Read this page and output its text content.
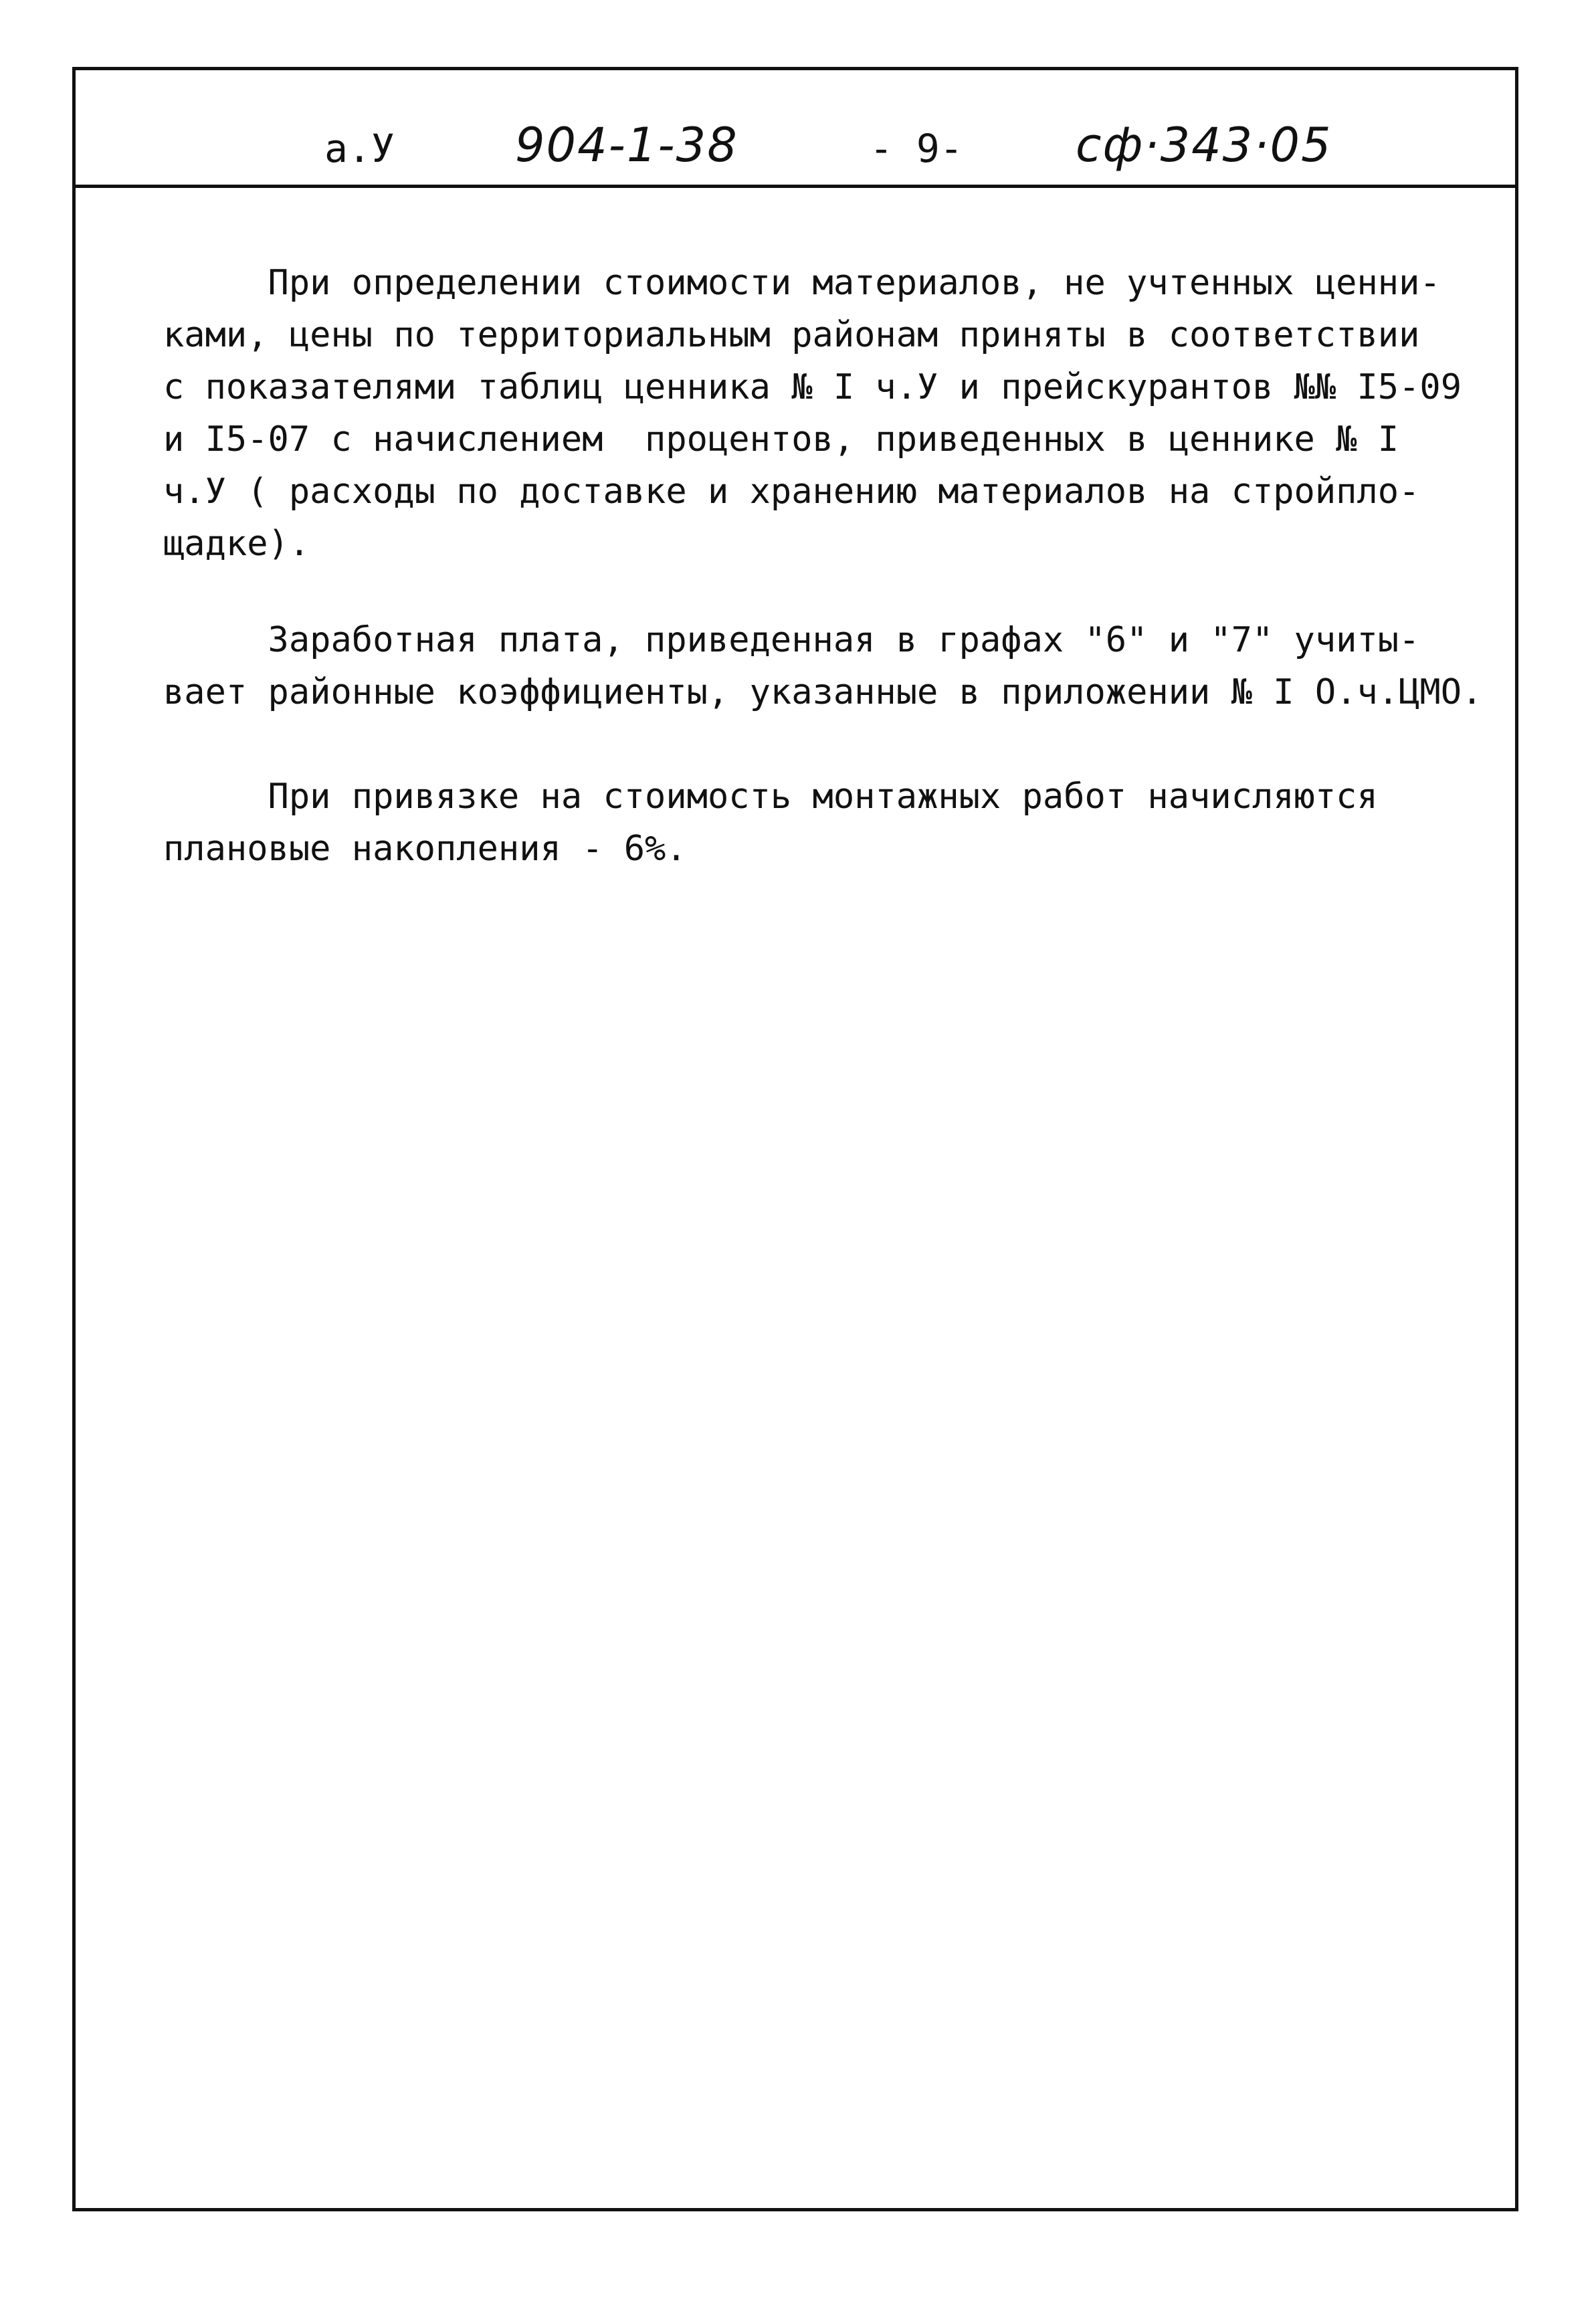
а.У	904-1-38	- 9- сф·343·05
При определении стоимости материалов, не учтенных ценни-
ками, цены по территориальным районам приняты в соответствии
с показателями таблиц ценника № I ч.У и прейскурантов №№ I5-09
и I5-07 с начислением  процентов, приведенных в ценнике № I
ч.У ( расходы по доставке и хранению материалов на стройпло-
щадке).
Заработная плата, приведенная в графах "6" и "7" учиты-
вает районные коэффициенты, указанные в приложении № I О.ч.ЦМО.
При привязке на стоимость монтажных работ начисляются
плановые накопления - 6%.
